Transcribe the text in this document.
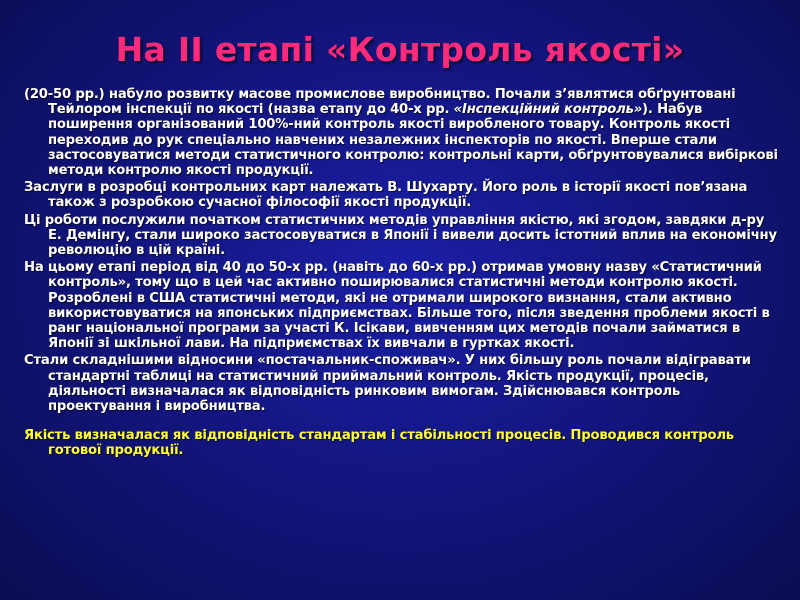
На ІІ етапі «Контроль якості»

(20-50 рр.) набуло розвитку масове промислове виробництво. Почали з’являтися обґрунтовані Тейлором інспекції по якості (назва етапу до 40-х рр. «Інспекційний контроль»). Набув поширення організований 100%-ний контроль якості виробленого товару. Контроль якості переходив до рук спеціально навчених незалежних інспекторів по якості. Вперше стали застосовуватися методи статистичного контролю: контрольні карти, обґрунтовувалися вибіркові методи контролю якості продукції.

Заслуги в розробці контрольних карт належать В. Шухарту. Його роль в історії якості пов’язана також з розробкою сучасної філософії якості продукції.

Ці роботи послужили початком статистичних методів управління якістю, які згодом, завдяки д-ру Е. Демінгу, стали широко застосовуватися в Японії і вивели досить істотний вплив на економічну революцію в цій країні.

На цьому етапі період від 40 до 50-х рр. (навіть до 60-х рр.) отримав умовну назву «Статистичний контроль», тому що в цей час активно поширювалися статистичні методи контролю якості. Розроблені в США статистичні методи, які не отримали широкого визнання, стали активно використовуватися на японських підприємствах. Більше того, після зведення проблеми якості в ранг національної програми за участі К. Ісікави, вивченням цих методів почали займатися в Японії зі шкільної лави. На підприємствах їх вивчали в гуртках якості.

Стали складнішими відносини «постачальник-споживач». У них більшу роль почали відігравати стандартні таблиці на статистичний приймальний контроль. Якість продукції, процесів, діяльності визначалася як відповідність ринковим вимогам. Здійснювався контроль проектування і виробництва.

Якість визначалася як відповідність стандартам і стабільності процесів. Проводився контроль готової продукції.
